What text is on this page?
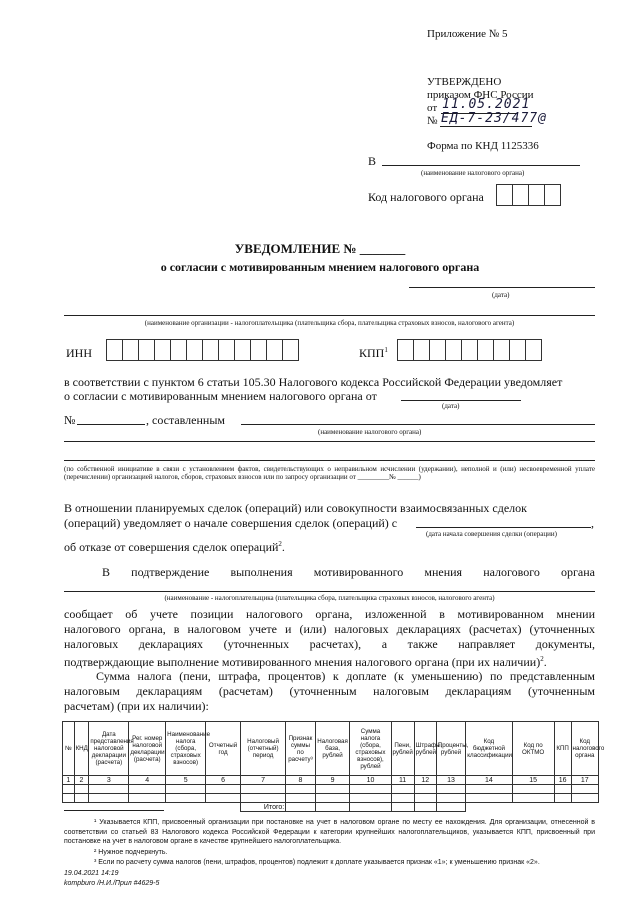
Приложение № 5
УТВЕРЖДЕНО
приказом ФНС России
от 11.05.2021
№ ЕД-7-23/477@
Форма по КНД 1125336
В
(наименование налогового органа)
Код налогового органа
УВЕДОМЛЕНИЕ № _______
о согласии с мотивированным мнением налогового органа
(дата)
(наименование организации - налогоплательщика (плательщика сбора, плательщика страховых взносов, налогового агента)
ИНН	КПП$^1$
в соответствии с пунктом 6 статьи 105.30 Налогового кодекса Российской Федерации уведомляет
о согласии с мотивированным мнением налогового органа от
(дата)
№	, составленным
(наименование налогового органа)
(по собственной инициативе в связи с установлением фактов, свидетельствующих о неправильном исчислении (удержании), неполной и (или) несвоевременной уплате (перечислении) организацией налогов, сборов, страховых взносов или по запросу организации от _________№ ______)
В отношении планируемых сделок (операций) или совокупности взаимосвязанных сделок
(операций) уведомляет о начале совершения сделок (операций) с	,
(дата начала совершения сделки (операции)
об отказе от совершения сделок операций$^2$.
В подтверждение выполнения мотивированного мнения налогового органа
(наименование - налогоплательщика (плательщика сбора, плательщика страховых взносов, налогового агента)
сообщает об учете позиции налогового органа, изложенной в мотивированном мнении
налогового органа, в налоговом учете и (или) налоговых декларациях (расчетах) (уточненных
налоговых декларациях (уточненных расчетах), а также направляет документы,
подтверждающие выполнение мотивированного мнения налогового органа (при их наличии)$^2$.
Сумма налога (пени, штрафа, процентов) к доплате (к уменьшению) по представленным
налоговым декларациям (расчетам) (уточненным налоговым декларациям (уточненным
расчетам) (при их наличии):
№	КНД	Дата представления налоговой декларации (расчета)	Рег. номер налоговой декларации (расчета)	Наименование налога (сбора, страховых взносов)	Отчетный год	Налоговый (отчетный) период	Признак суммы по расчету³	Налоговая база, рублей	Сумма налога (сбора, страховых взносов), рублей	Пени, рублей	Штрафы, рублей	Проценты, рублей	Код бюджетной классификации	Код по ОКТМО	КПП	Код налогового органа
1	2	3	4	5	6	7	8	9	10	11	12	13	14	15	16	17

						Итого:										
¹ Указывается КПП, присвоенный организации при постановке на учет в налоговом органе по месту ее нахождения. Для организации, отнесенной в соответствии со статьей 83 Налогового кодекса Российской Федерации к категории крупнейших налогоплательщиков, указывается КПП, присвоенный при постановке на учет в налоговом органе в качестве крупнейшего налогоплательщика.
² Нужное подчеркнуть.
³ Если по расчету сумма налогов (пени, штрафов, процентов) подлежит к доплате указывается признак «1»; к уменьшению признак «2».
19.04.2021 14:19
kompburo /Н.И./Прил #4629-5
